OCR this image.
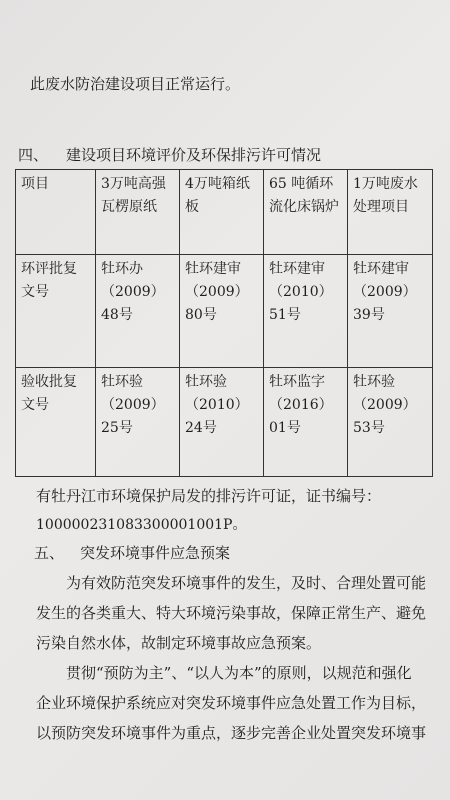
此废水防治建设项目正常运行。
四、 建设项目环境评价及环保排污许可情况
项目	3万吨高强瓦楞原纸	4万吨箱纸板	65 吨循环流化床锅炉	1万吨废水处理项目
环评批复文号	牡环办（2009）48号	牡环建审（2009）80号	牡环建审（2010）51号	牡环建审（2009）39号
验收批复文号	牡环验（2009）25号	牡环验（2010）24号	牡环监字（2016）01号	牡环验（2009）53号
有牡丹江市环境保护局发的排污许可证，证书编号：
100000231083300001001P。
五、 突发环境事件应急预案
为有效防范突发环境事件的发生，及时、合理处置可能
发生的各类重大、特大环境污染事故，保障正常生产、避免
污染自然水体，故制定环境事故应急预案。
贯彻“预防为主”、“以人为本”的原则，以规范和强化
企业环境保护系统应对突发环境事件应急处置工作为目标，
以预防突发环境事件为重点，逐步完善企业处置突发环境事
